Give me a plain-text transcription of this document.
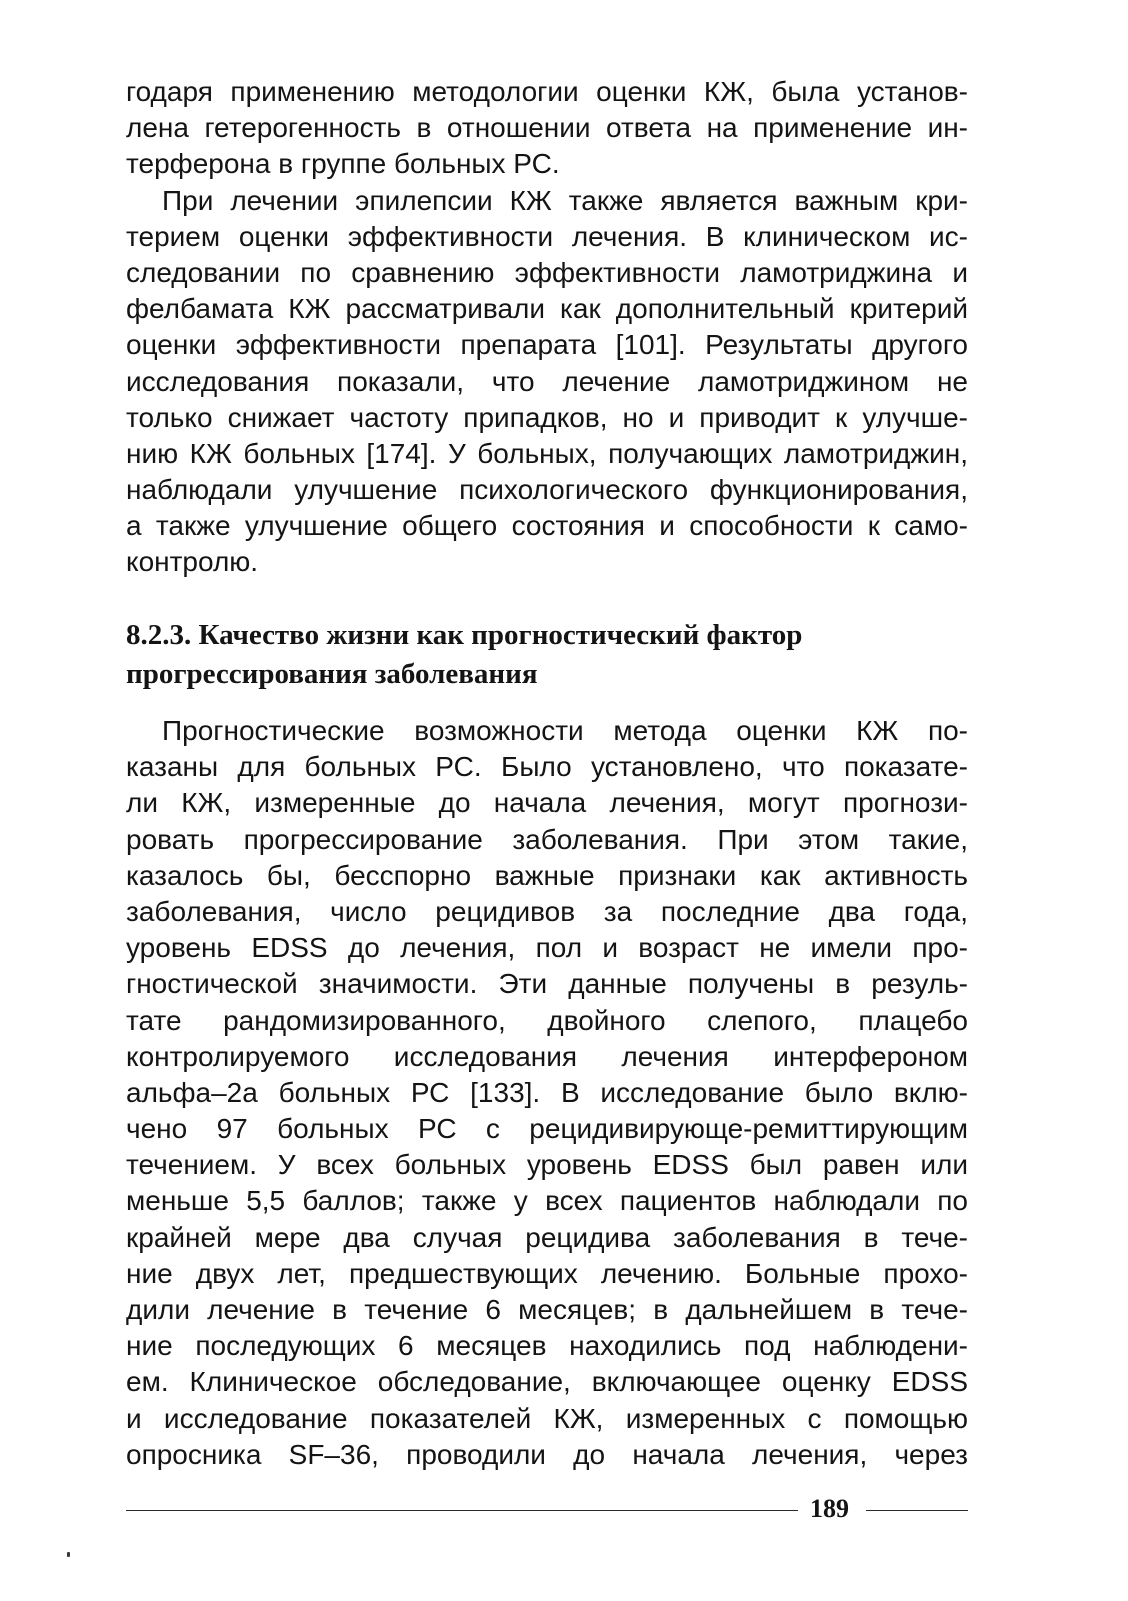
годаря применению методологии оценки КЖ, была установ-
лена гетерогенность в отношении ответа на применение ин-
терферона в группе больных РС.
При лечении эпилепсии КЖ также является важным кри-
терием оценки эффективности лечения. В клиническом ис-
следовании по сравнению эффективности ламотриджина и
фелбамата КЖ рассматривали как дополнительный критерий
оценки эффективности препарата [101]. Результаты другого
исследования показали, что лечение ламотриджином не
только снижает частоту припадков, но и приводит к улучше-
нию КЖ больных [174]. У больных, получающих ламотриджин,
наблюдали улучшение психологического функционирования,
а также улучшение общего состояния и способности к само-
контролю.
8.2.3. Качество жизни как прогностический фактор
прогрессирования заболевания
Прогностические возможности метода оценки КЖ по-
казаны для больных РС. Было установлено, что показате-
ли КЖ, измеренные до начала лечения, могут прогнози-
ровать прогрессирование заболевания. При этом такие,
казалось бы, бесспорно важные признаки как активность
заболевания, число рецидивов за последние два года,
уровень EDSS до лечения, пол и возраст не имели про-
гностической значимости. Эти данные получены в резуль-
тате рандомизированного, двойного слепого, плацебо
контролируемого исследования лечения интерфероном
альфа–2а больных РС [133]. В исследование было вклю-
чено 97 больных РС с рецидивирующе-ремиттирующим
течением. У всех больных уровень EDSS был равен или
меньше 5,5 баллов; также у всех пациентов наблюдали по
крайней мере два случая рецидива заболевания в тече-
ние двух лет, предшествующих лечению. Больные прохо-
дили лечение в течение 6 месяцев; в дальнейшем в тече-
ние последующих 6 месяцев находились под наблюдени-
ем. Клиническое обследование, включающее оценку EDSS
и исследование показателей КЖ, измеренных с помощью
опросника SF–36, проводили до начала лечения, через
189
